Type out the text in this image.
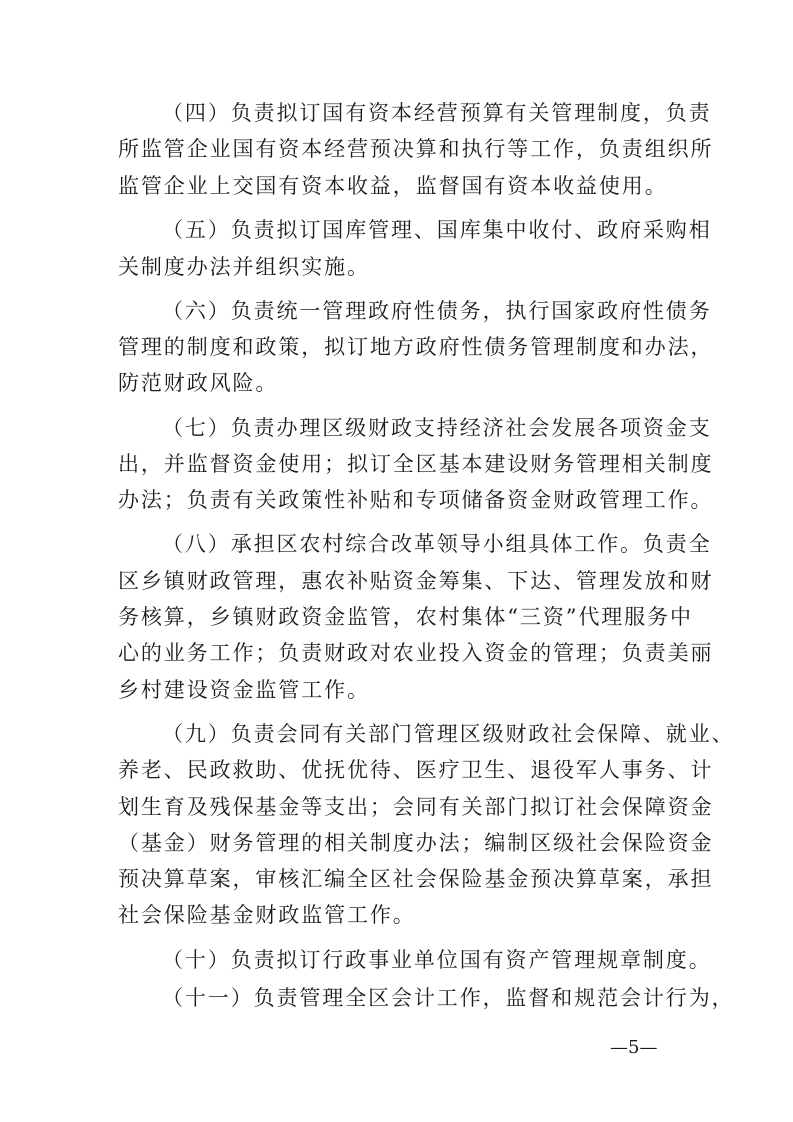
（四）负责拟订国有资本经营预算有关管理制度，负责
所监管企业国有资本经营预决算和执行等工作，负责组织所
监管企业上交国有资本收益，监督国有资本收益使用。
（五）负责拟订国库管理、国库集中收付、政府采购相
关制度办法并组织实施。
（六）负责统一管理政府性债务，执行国家政府性债务
管理的制度和政策，拟订地方政府性债务管理制度和办法，
防范财政风险。
（七）负责办理区级财政支持经济社会发展各项资金支
出，并监督资金使用；拟订全区基本建设财务管理相关制度
办法；负责有关政策性补贴和专项储备资金财政管理工作。
（八）承担区农村综合改革领导小组具体工作。负责全
区乡镇财政管理，惠农补贴资金筹集、下达、管理发放和财
务核算，乡镇财政资金监管，农村集体“三资”代理服务中
心的业务工作；负责财政对农业投入资金的管理；负责美丽
乡村建设资金监管工作。
（九）负责会同有关部门管理区级财政社会保障、就业、
养老、民政救助、优抚优待、医疗卫生、退役军人事务、计
划生育及残保基金等支出；会同有关部门拟订社会保障资金
（基金）财务管理的相关制度办法；编制区级社会保险资金
预决算草案，审核汇编全区社会保险基金预决算草案，承担
社会保险基金财政监管工作。
（十）负责拟订行政事业单位国有资产管理规章制度。
（十一）负责管理全区会计工作，监督和规范会计行为，
—5—
